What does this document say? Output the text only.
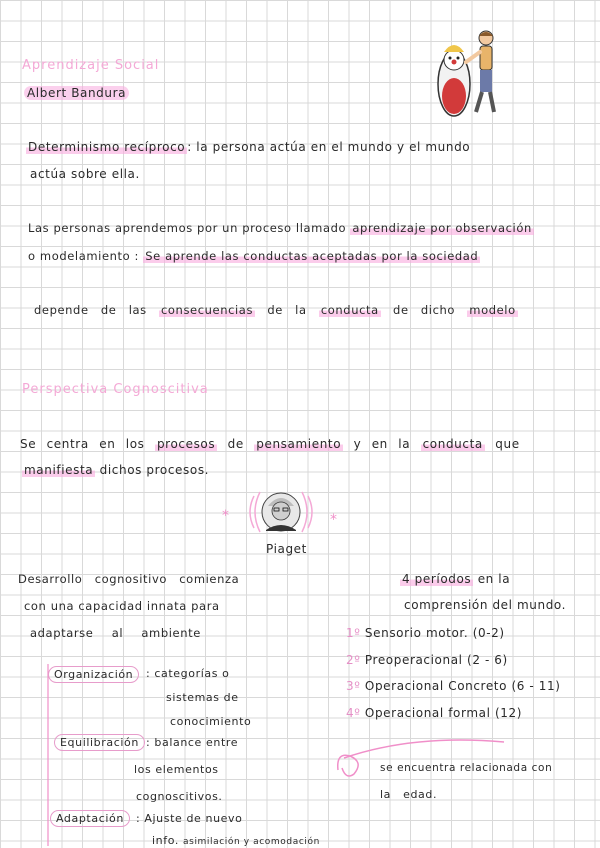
Aprendizaje Social
Albert Bandura
Determinismo recíproco : la persona actúa en el mundo y el mundo
actúa sobre ella.
Las personas aprendemos por un proceso llamado aprendizaje por observación
o modelamiento : Se aprende las conductas aceptadas por la sociedad
depende de las consecuencias de la conducta de dicho modelo
Perspectiva Cognoscitiva
Se centra en los procesos de pensamiento y en la conducta que
manifiesta dichos procesos.
*	*
Piaget
Desarrollo cognositivo comienza
con una capacidad innata para
adaptarse al ambiente
4 períodos en la
comprensión del mundo.
1º Sensorio motor. (0-2)
2º Preoperacional (2 - 6)
3º Operacional Concreto (6 - 11)
4º Operacional formal (12)
se encuentra relacionada con
la edad.
Organización	: categorías o
sistemas de
conocimiento
Equilibración : balance entre
los elementos
cognoscitivos.
Adaptación	: Ajuste de nuevo
info. asimilación y acomodación
